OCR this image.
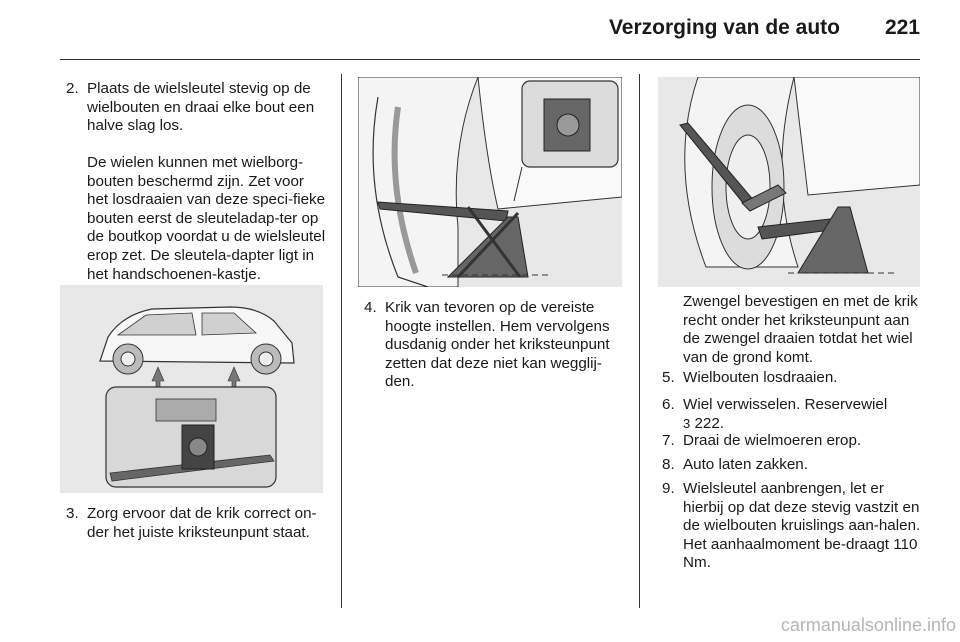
Verzorging van de auto 221
2. Plaats de wielsleutel stevig op de wielbouten en draai elke bout een halve slag los.
De wielen kunnen met wielborg-bouten beschermd zijn. Zet voor het losdraaien van deze speci-fieke bouten eerst de sleuteladap-ter op de boutkop voordat u de wielsleutel erop zet. De sleutela-dapter ligt in het handschoenen-kastje.
3. Zorg ervoor dat de krik correct on-der het juiste kriksteunpunt staat.
4. Krik van tevoren op de vereiste hoogte instellen. Hem vervolgens dusdanig onder het kriksteunpunt zetten dat deze niet kan wegglij-den.
Zwengel bevestigen en met de krik recht onder het kriksteunpunt aan de zwengel draaien totdat het wiel van de grond komt.
5. Wielbouten losdraaien.
6. Wiel verwisselen. Reservewiel
3 222.
7. Draai de wielmoeren erop.
8. Auto laten zakken.
9. Wielsleutel aanbrengen, let er hierbij op dat deze stevig vastzit en de wielbouten kruislings aan-halen. Het aanhaalmoment be-draagt 110 Nm.
carmanualsonline.info
